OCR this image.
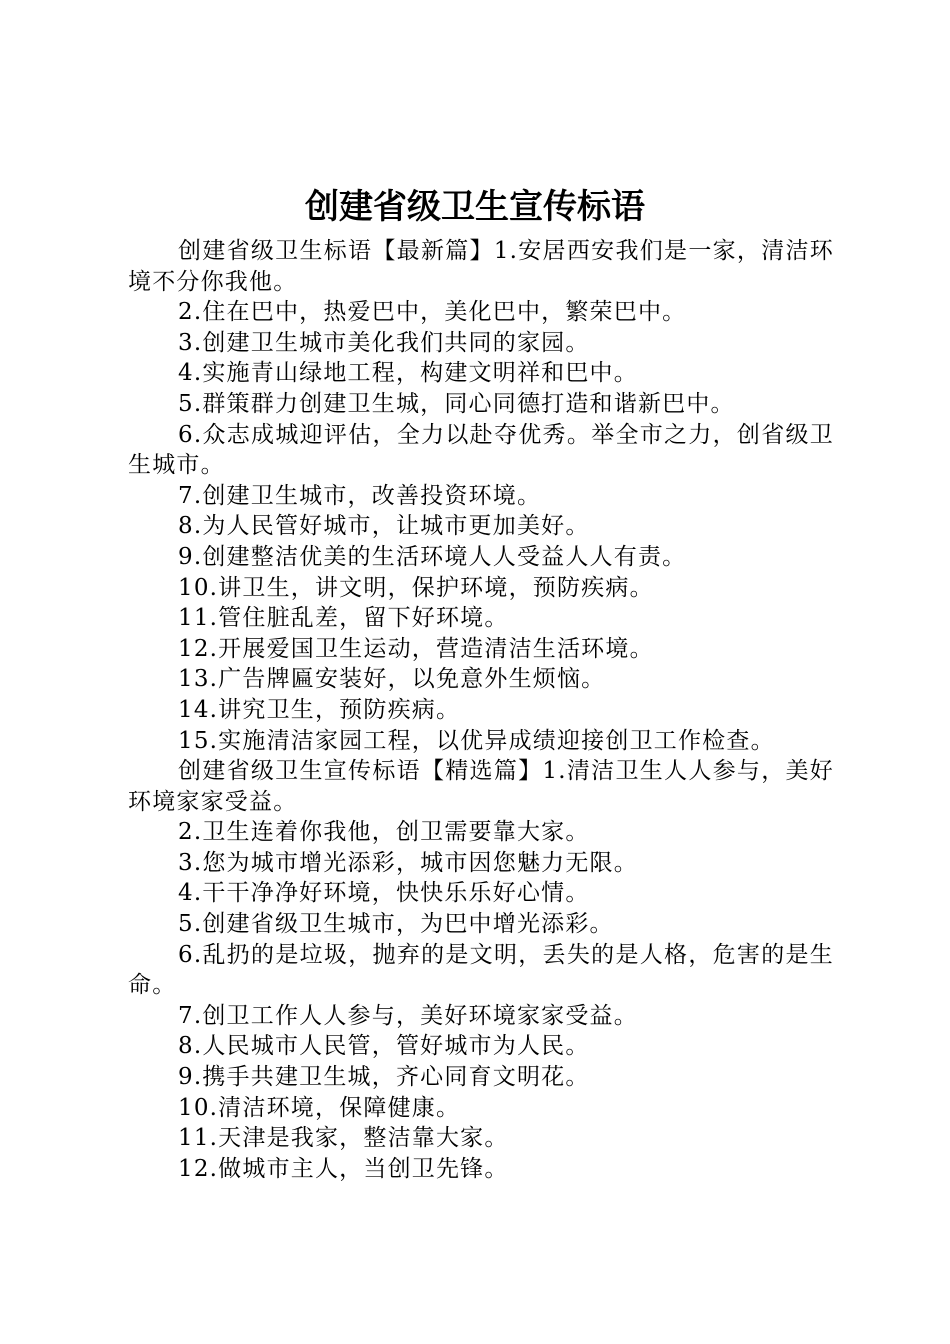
创建省级卫生宣传标语

创建省级卫生标语【最新篇】1.安居西安我们是一家，清洁环境不分你我他。

2.住在巴中，热爱巴中，美化巴中，繁荣巴中。

3.创建卫生城市美化我们共同的家园。

4.实施青山绿地工程，构建文明祥和巴中。

5.群策群力创建卫生城，同心同德打造和谐新巴中。

6.众志成城迎评估，全力以赴夺优秀。举全市之力，创省级卫生城市。

7.创建卫生城市，改善投资环境。

8.为人民管好城市，让城市更加美好。

9.创建整洁优美的生活环境人人受益人人有责。

10.讲卫生，讲文明，保护环境，预防疾病。

11.管住脏乱差，留下好环境。

12.开展爱国卫生运动，营造清洁生活环境。

13.广告牌匾安装好，以免意外生烦恼。

14.讲究卫生，预防疾病。

15.实施清洁家园工程，以优异成绩迎接创卫工作检查。

创建省级卫生宣传标语【精选篇】1.清洁卫生人人参与，美好环境家家受益。

2.卫生连着你我他，创卫需要靠大家。

3.您为城市增光添彩，城市因您魅力无限。

4.干干净净好环境，快快乐乐好心情。

5.创建省级卫生城市，为巴中增光添彩。

6.乱扔的是垃圾，抛弃的是文明，丢失的是人格，危害的是生命。

7.创卫工作人人参与，美好环境家家受益。

8.人民城市人民管，管好城市为人民。

9.携手共建卫生城，齐心同育文明花。

10.清洁环境，保障健康。

11.天津是我家，整洁靠大家。

12.做城市主人，当创卫先锋。
